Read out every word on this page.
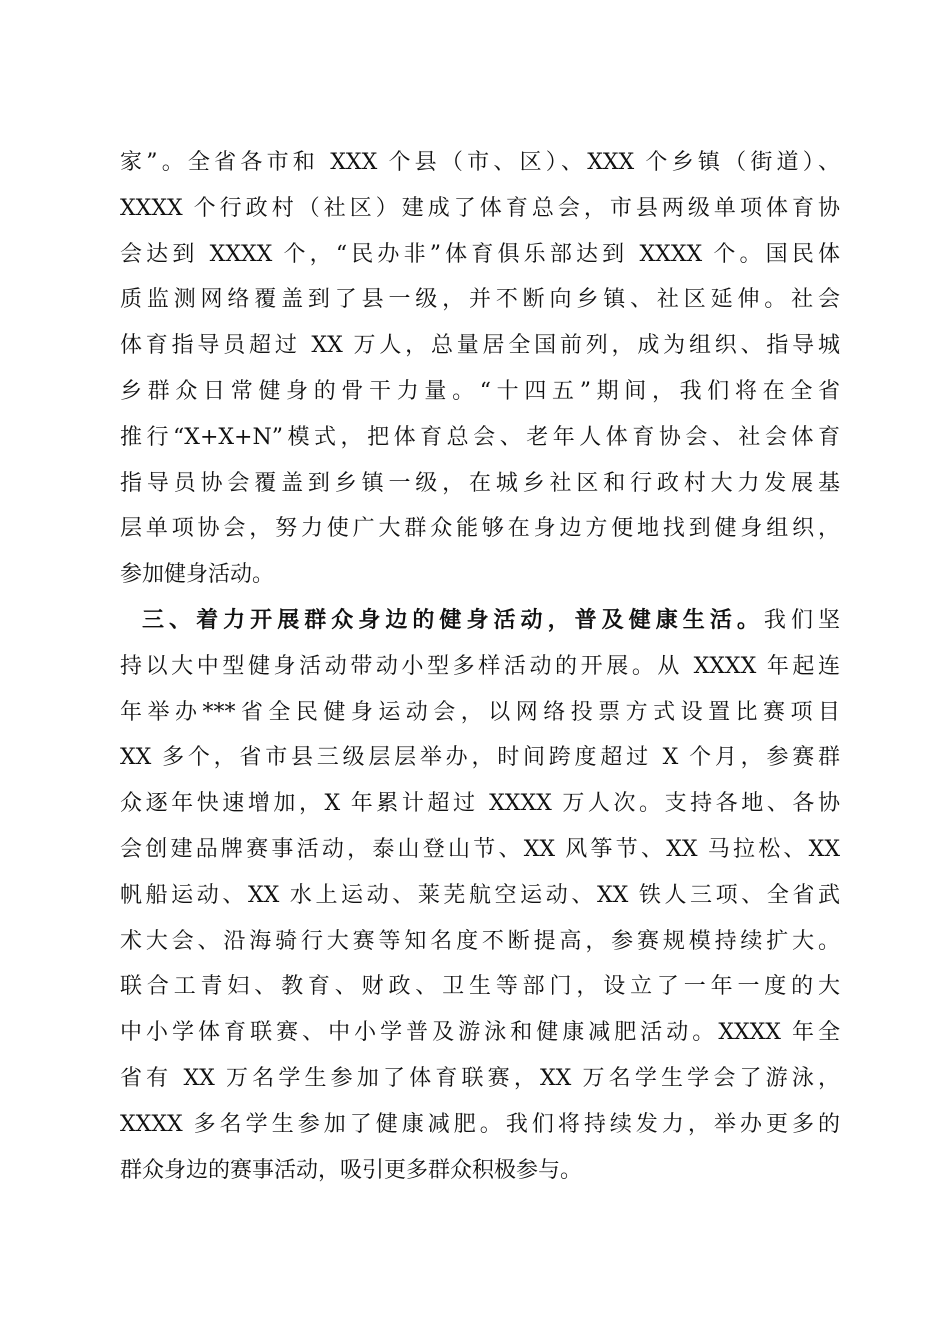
家”。全省各市和 XXX 个县（市、区）、XXX 个乡镇（街道）、
XXXX 个行政村（社区）建成了体育总会，市县两级单项体育协
会达到 XXXX 个，“民办非”体育俱乐部达到 XXXX 个。国民体
质监测网络覆盖到了县一级，并不断向乡镇、社区延伸。社会
体育指导员超过 XX 万人，总量居全国前列，成为组织、指导城
乡群众日常健身的骨干力量。“十四五”期间，我们将在全省
推行“X+X+N”模式，把体育总会、老年人体育协会、社会体育
指导员协会覆盖到乡镇一级，在城乡社区和行政村大力发展基
层单项协会，努力使广大群众能够在身边方便地找到健身组织，
参加健身活动。
三、着力开展群众身边的健身活动，普及健康生活。我们坚
持以大中型健身活动带动小型多样活动的开展。从 XXXX 年起连
年举办***省全民健身运动会，以网络投票方式设置比赛项目
XX 多个，省市县三级层层举办，时间跨度超过 X 个月，参赛群
众逐年快速增加，X 年累计超过 XXXX 万人次。支持各地、各协
会创建品牌赛事活动，泰山登山节、XX 风筝节、XX 马拉松、XX
帆船运动、XX 水上运动、莱芜航空运动、XX 铁人三项、全省武
术大会、沿海骑行大赛等知名度不断提高，参赛规模持续扩大。
联合工青妇、教育、财政、卫生等部门，设立了一年一度的大
中小学体育联赛、中小学普及游泳和健康减肥活动。XXXX 年全
省有 XX 万名学生参加了体育联赛，XX 万名学生学会了游泳，
XXXX 多名学生参加了健康减肥。我们将持续发力，举办更多的
群众身边的赛事活动，吸引更多群众积极参与。
